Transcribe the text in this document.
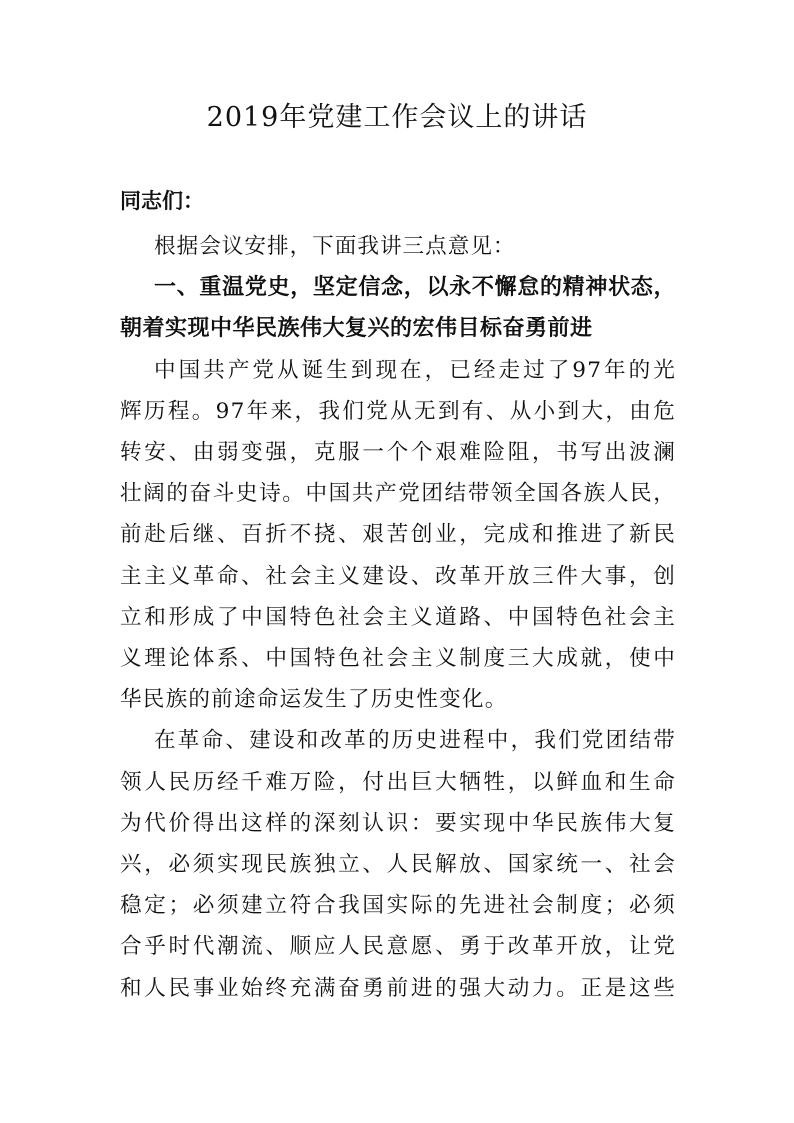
2019年党建工作会议上的讲话
同志们：

根据会议安排，下面我讲三点意见：

一、重温党史，坚定信念，以永不懈怠的精神状态，
朝着实现中华民族伟大复兴的宏伟目标奋勇前进
中国共产党从诞生到现在，已经走过了97年的光
辉历程。97年来，我们党从无到有、从小到大，由危
转安、由弱变强，克服一个个艰难险阻，书写出波澜
壮阔的奋斗史诗。中国共产党团结带领全国各族人民，
前赴后继、百折不挠、艰苦创业，完成和推进了新民
主主义革命、社会主义建设、改革开放三件大事，创
立和形成了中国特色社会主义道路、中国特色社会主
义理论体系、中国特色社会主义制度三大成就，使中
华民族的前途命运发生了历史性变化。
在革命、建设和改革的历史进程中，我们党团结带
领人民历经千难万险，付出巨大牺牲，以鲜血和生命
为代价得出这样的深刻认识：要实现中华民族伟大复
兴，必须实现民族独立、人民解放、国家统一、社会
稳定；必须建立符合我国实际的先进社会制度；必须
合乎时代潮流、顺应人民意愿、勇于改革开放，让党
和人民事业始终充满奋勇前进的强大动力。正是这些
